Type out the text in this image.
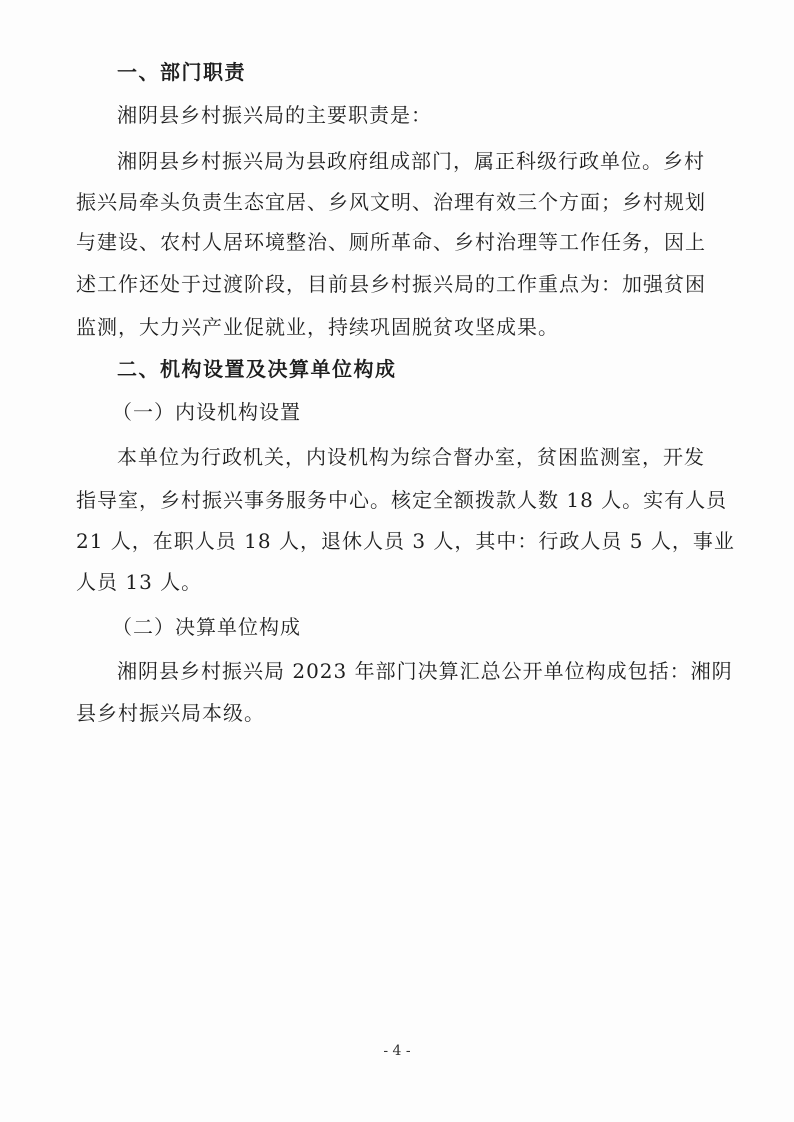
一、部门职责
湘阴县乡村振兴局的主要职责是：
湘阴县乡村振兴局为县政府组成部门，属正科级行政单位。乡村
振兴局牵头负责生态宜居、乡风文明、治理有效三个方面；乡村规划
与建设、农村人居环境整治、厕所革命、乡村治理等工作任务，因上
述工作还处于过渡阶段，目前县乡村振兴局的工作重点为：加强贫困
监测，大力兴产业促就业，持续巩固脱贫攻坚成果。
二、机构设置及决算单位构成
（一）内设机构设置
本单位为行政机关，内设机构为综合督办室，贫困监测室，开发
指导室，乡村振兴事务服务中心。核定全额拨款人数 18 人。实有人员
21 人，在职人员 18 人，退休人员 3 人，其中：行政人员 5 人，事业
人员 13 人。
（二）决算单位构成
湘阴县乡村振兴局 2023 年部门决算汇总公开单位构成包括：湘阴
县乡村振兴局本级。
- 4 -
